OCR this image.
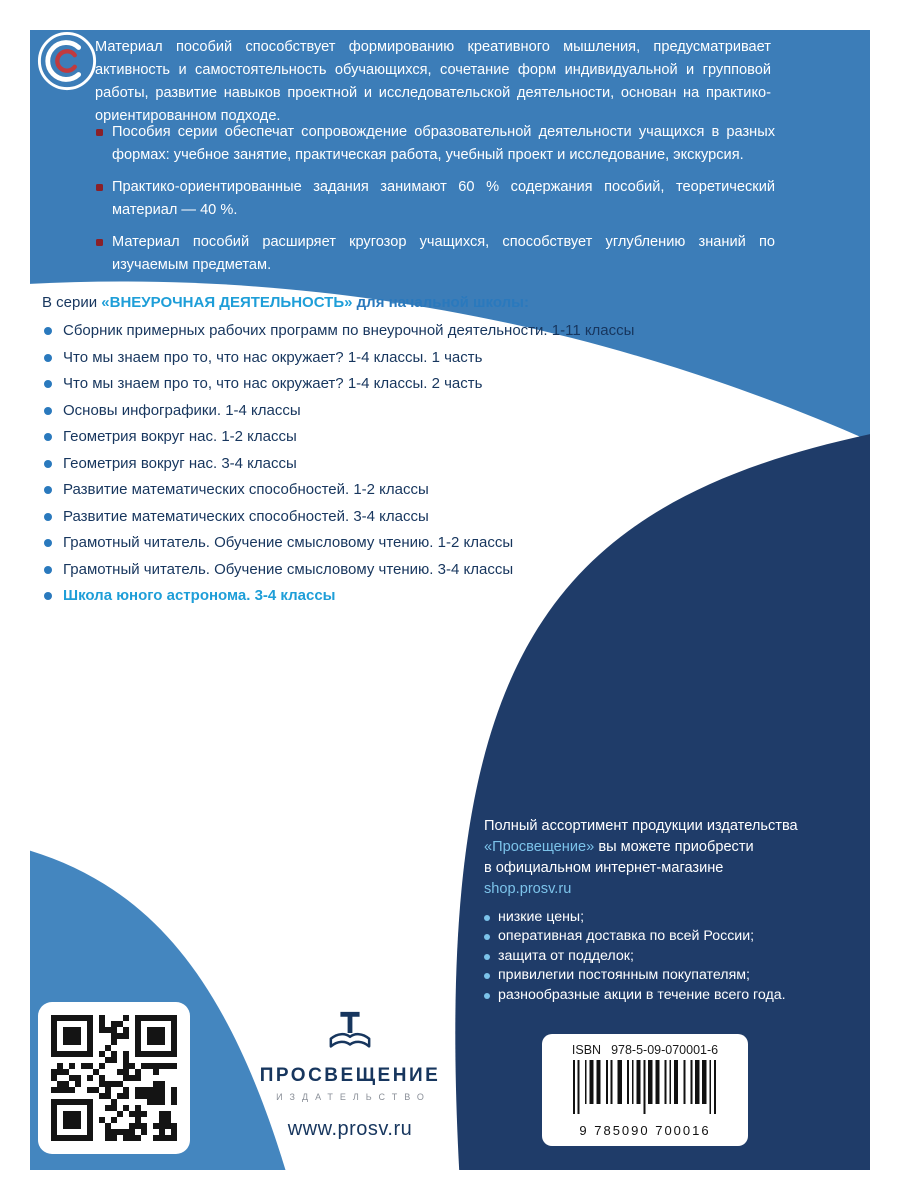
Материал пособий способствует формированию креативного мышления, предусматривает активность и самостоятельность обучающихся, сочетание форм индивидуальной и групповой работы, развитие навыков проектной и исследовательской деятельности, основан на практико-ориентированном подходе.
Пособия серии обеспечат сопровождение образовательной деятельности учащихся в разных формах: учебное занятие, практическая работа, учебный проект и исследование, экскурсия.
Практико-ориентированные задания занимают 60 % содержания пособий, теоретический материал — 40 %.
Материал пособий расширяет кругозор учащихся, способствует углублению знаний по изучаемым предметам.
В серии «ВНЕУРОЧНАЯ ДЕЯТЕЛЬНОСТЬ» для начальной школы:
Сборник примерных рабочих программ по внеурочной деятельности. 1-11 классы
Что мы знаем про то, что нас окружает? 1-4 классы. 1 часть
Что мы знаем про то, что нас окружает? 1-4 классы. 2 часть
Основы инфографики. 1-4 классы
Геометрия вокруг нас. 1-2 классы
Геометрия вокруг нас. 3-4 классы
Развитие математических способностей. 1-2 классы
Развитие математических способностей. 3-4 классы
Грамотный читатель. Обучение смысловому чтению. 1-2 классы
Грамотный читатель. Обучение смысловому чтению. 3-4 классы
Школа юного астронома. 3-4 классы
Полный ассортимент продукции издательства
«Просвещение» вы можете приобрести
в официальном интернет-магазине shop.prosv.ru
низкие цены;
оперативная доставка по всей России;
защита от подделок;
привилегии постоянным покупателям;
разнообразные акции в течение всего года.
ПРОСВЕЩЕНИЕ
ИЗДАТЕЛЬСТВО
www.prosv.ru
ISBN 978-5-09-070001-6
9 785090 700016
